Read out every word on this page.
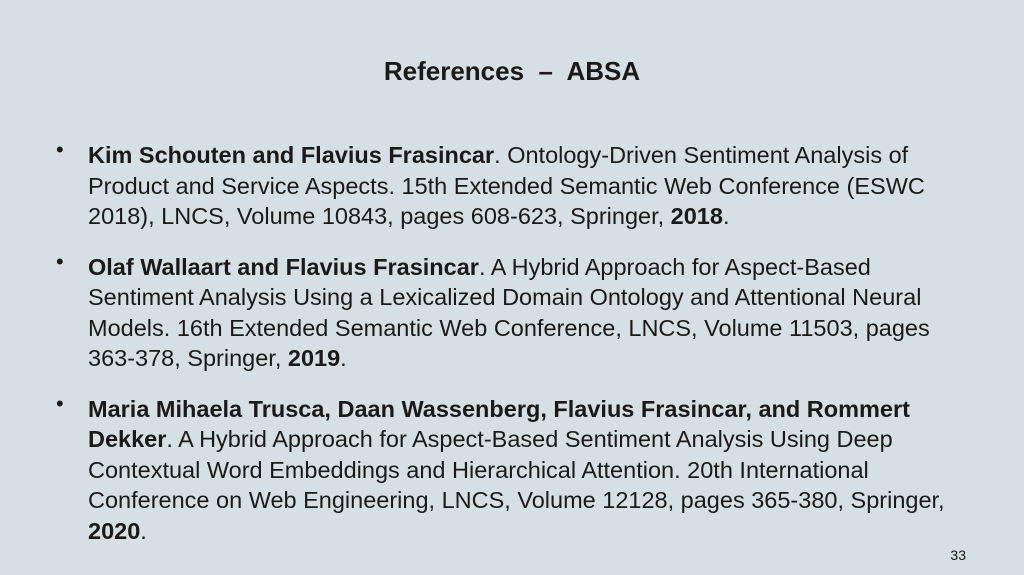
References  –  ABSA
• Kim Schouten and Flavius Frasincar. Ontology-Driven Sentiment Analysis of Product and Service Aspects. 15th Extended Semantic Web Conference (ESWC 2018), LNCS, Volume 10843, pages 608-623, Springer, 2018.
• Olaf Wallaart and Flavius Frasincar. A Hybrid Approach for Aspect-Based Sentiment Analysis Using a Lexicalized Domain Ontology and Attentional Neural Models. 16th Extended Semantic Web Conference, LNCS, Volume 11503, pages 363-378, Springer, 2019.
• Maria Mihaela Trusca, Daan Wassenberg, Flavius Frasincar, and Rommert Dekker. A Hybrid Approach for Aspect-Based Sentiment Analysis Using Deep Contextual Word Embeddings and Hierarchical Attention. 20th International Conference on Web Engineering, LNCS, Volume 12128, pages 365-380, Springer, 2020.
33
